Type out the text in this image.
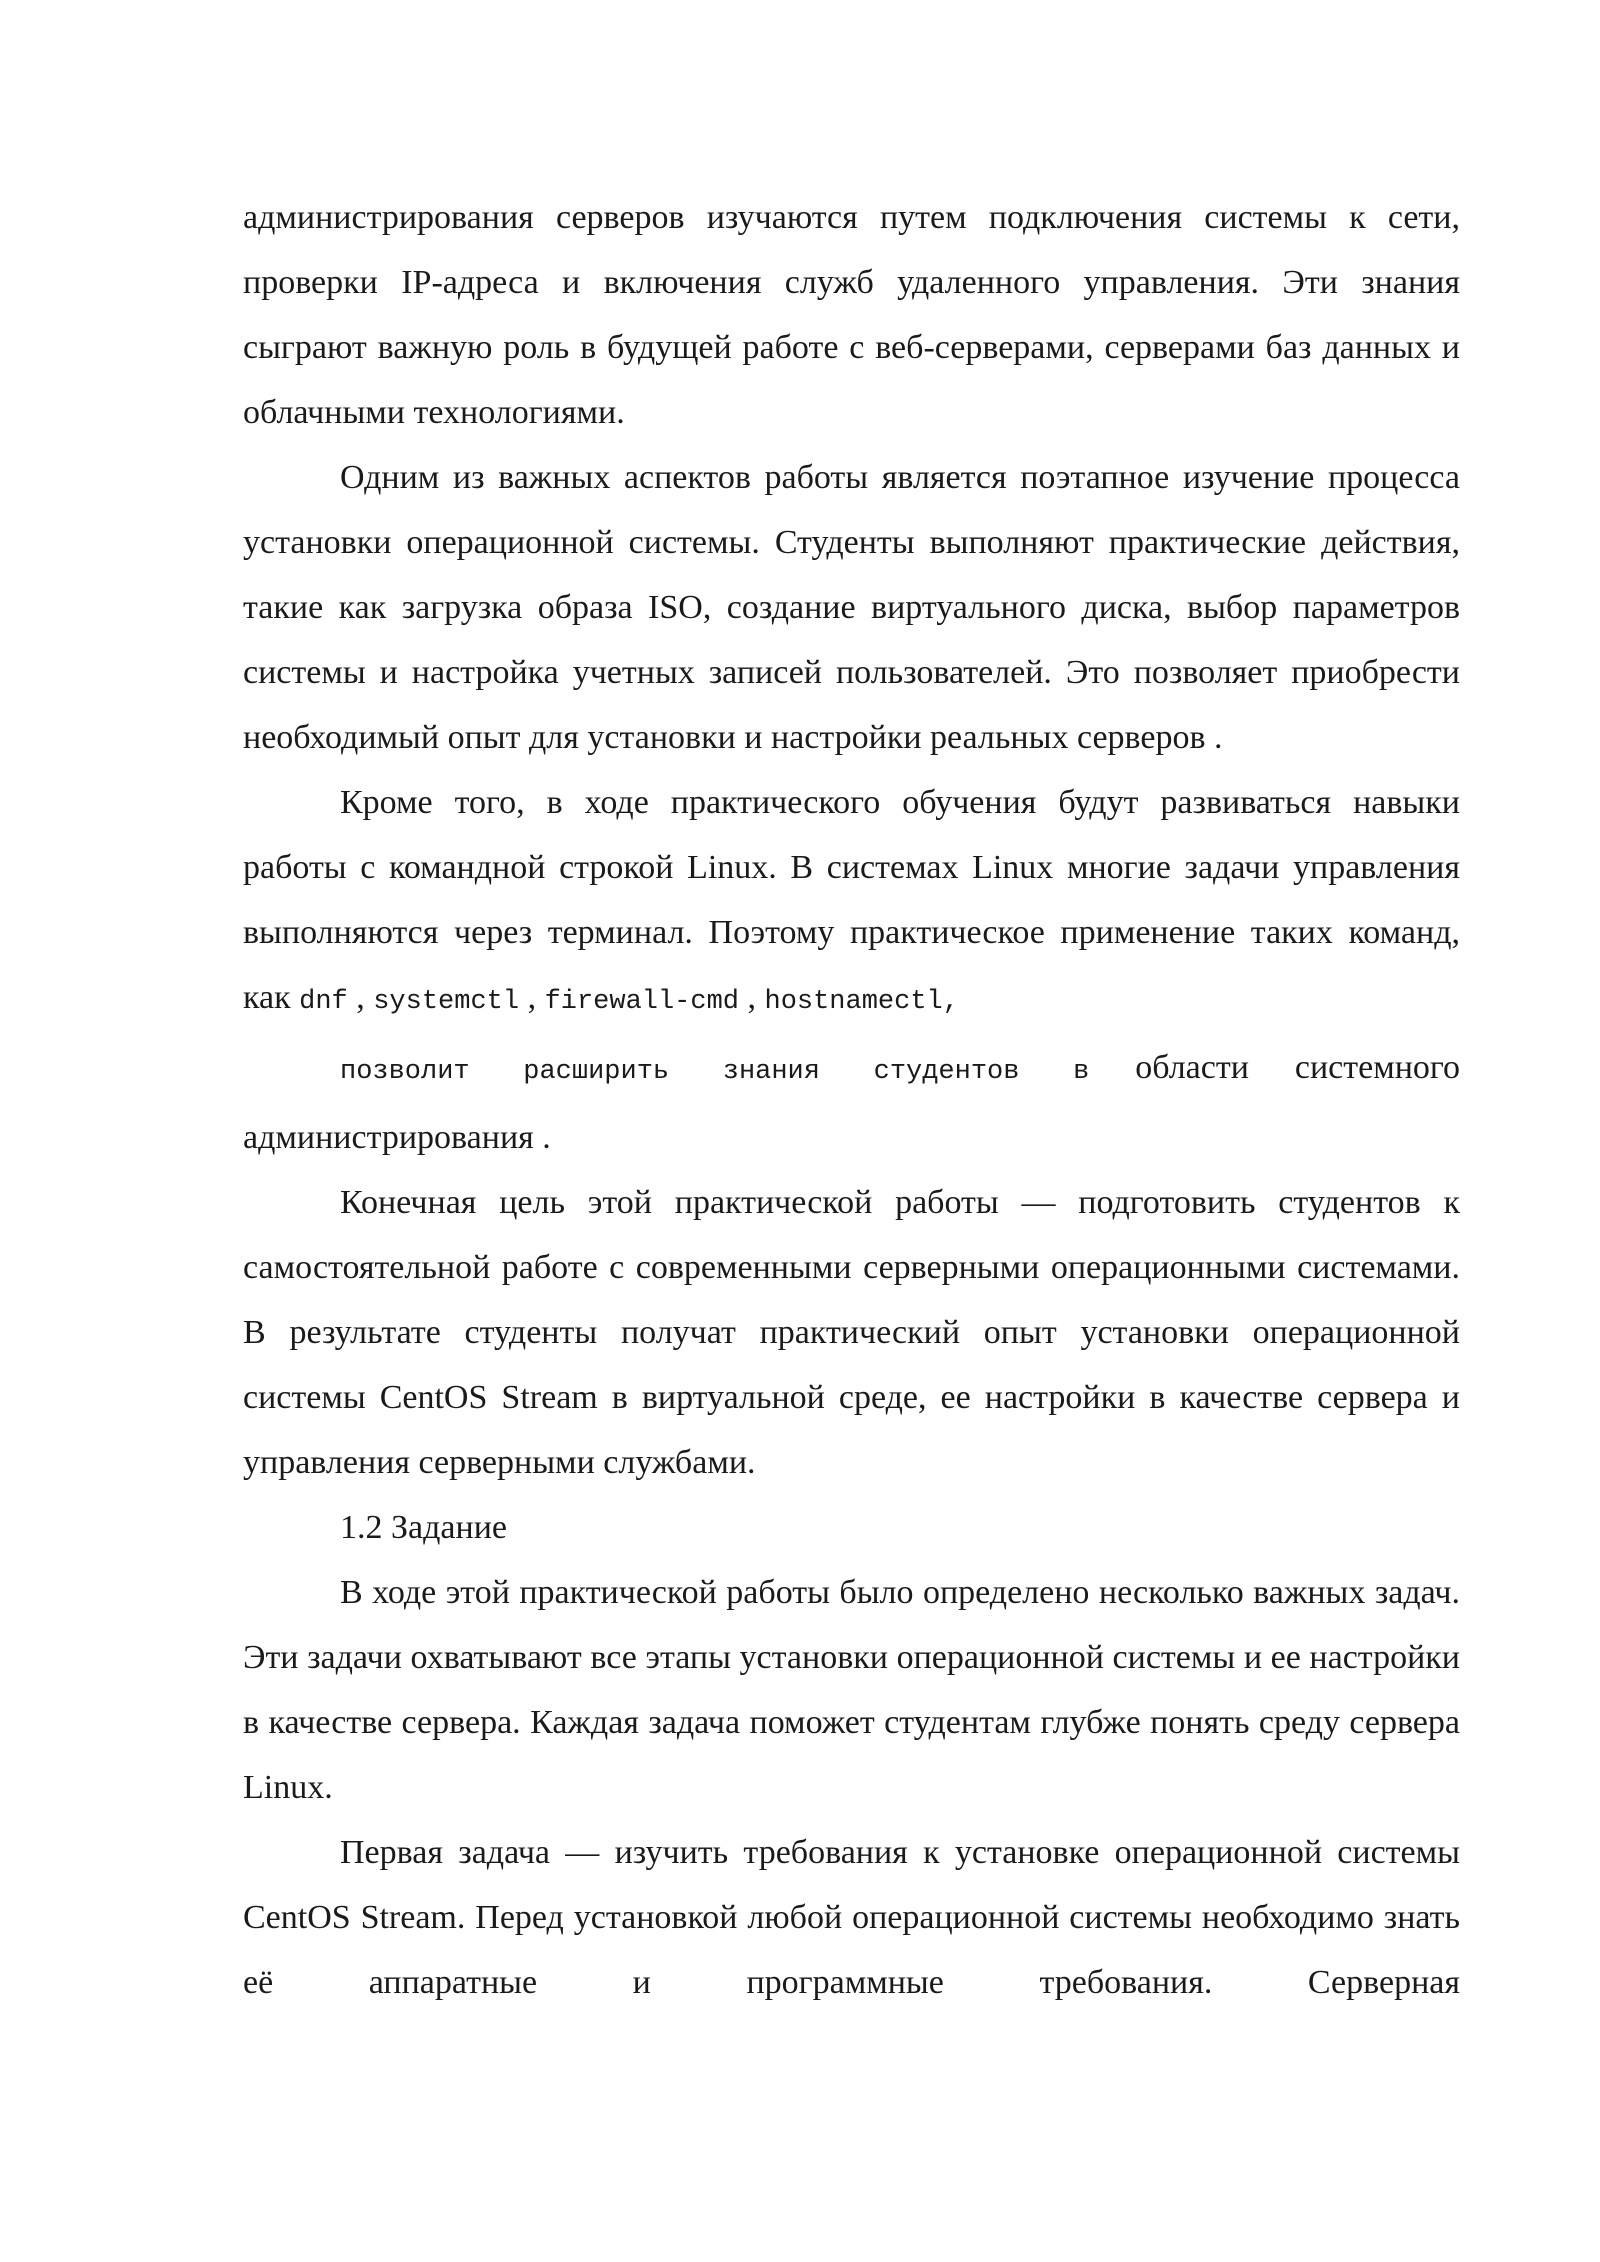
администрирования серверов изучаются путем подключения системы к сети, проверки IP-адреса и включения служб удаленного управления. Эти знания сыграют важную роль в будущей работе с веб-серверами, серверами баз данных и облачными технологиями.

Одним из важных аспектов работы является поэтапное изучение процесса установки операционной системы. Студенты выполняют практические действия, такие как загрузка образа ISO, создание виртуального диска, выбор параметров системы и настройка учетных записей пользователей. Это позволяет приобрести необходимый опыт для установки и настройки реальных серверов .

Кроме того, в ходе практического обучения будут развиваться навыки работы с командной строкой Linux. В системах Linux многие задачи управления выполняются через терминал. Поэтому практическое применение таких команд, как dnf , systemctl , firewall-cmd , hostnamectl,
позволит расширить знания студентов в области системного
администрирования .

Конечная цель этой практической работы — подготовить студентов к самостоятельной работе с современными серверными операционными системами. В результате студенты получат практический опыт установки операционной системы CentOS Stream в виртуальной среде, ее настройки в качестве сервера и управления серверными службами.

1.2 Задание

В ходе этой практической работы было определено несколько важных задач. Эти задачи охватывают все этапы установки операционной системы и ее настройки в качестве сервера. Каждая задача поможет студентам глубже понять среду сервера Linux.

Первая задача — изучить требования к установке операционной системы CentOS Stream. Перед установкой любой операционной системы необходимо знать её аппаратные и программные требования. Серверная
